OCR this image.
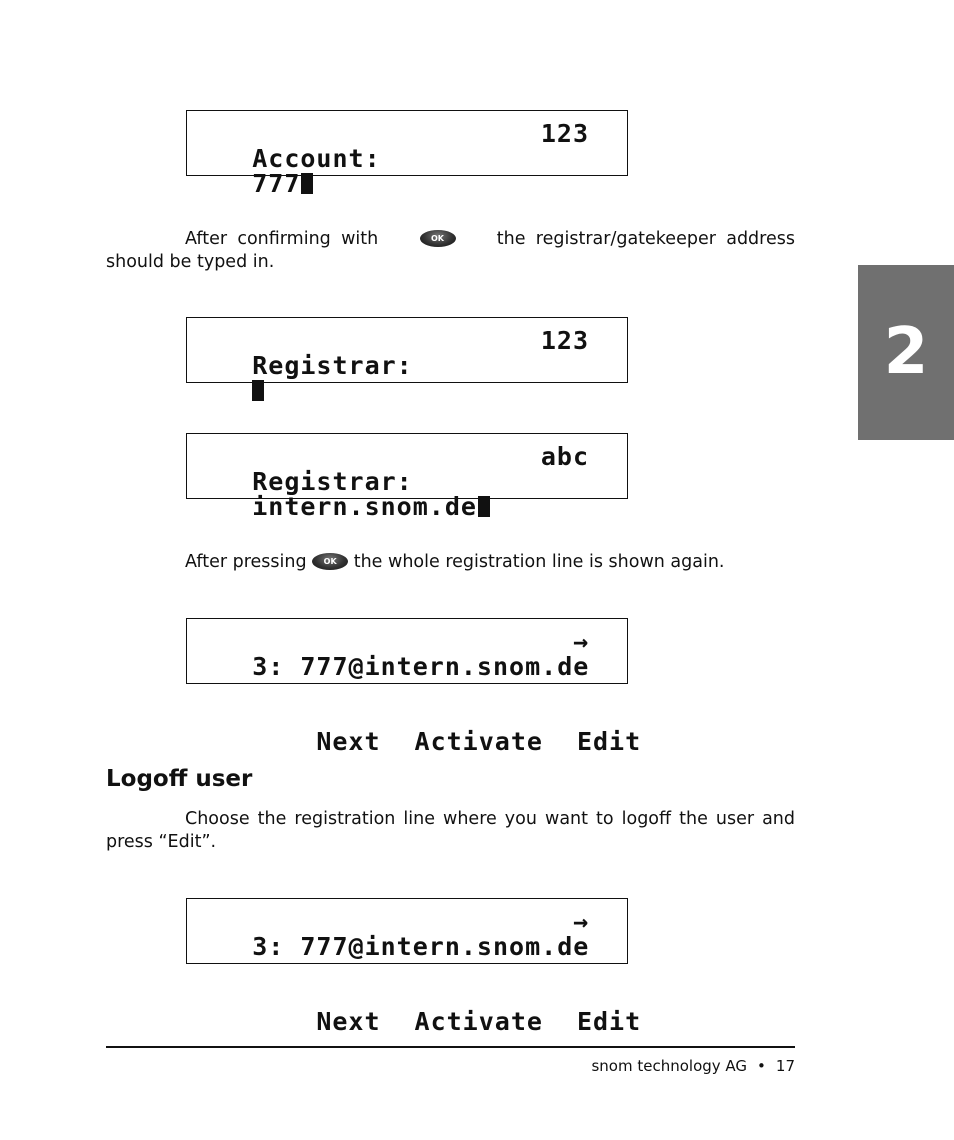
Account:

123

777

After confirming with	OK	the registrar/gatekeeper address should be typed in.

Registrar:

123

Registrar:

abc

intern.snom.de

After pressing OK the whole registration line is shown again.

3: 777@intern.snom.de

→

Next Activate Edit

Logoff user
Choose the registration line where you want to logoff the user and press “Edit”.

3: 777@intern.snom.de

→

Next Activate Edit

2
snom technology AG • 17
